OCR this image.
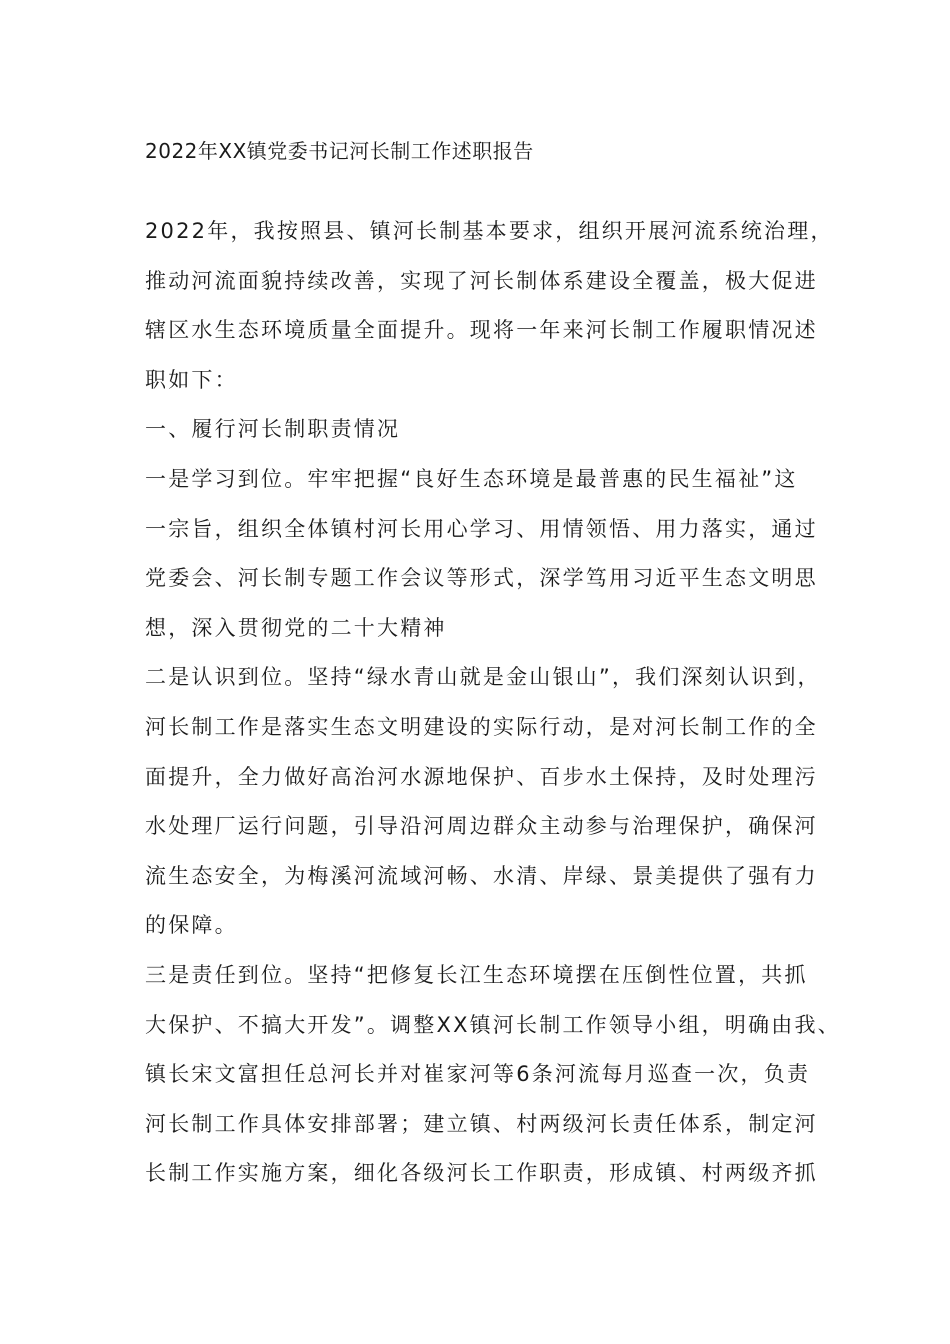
2022年XX镇党委书记河长制工作述职报告

2022年，我按照县、镇河长制基本要求，组织开展河流系统治理，
推动河流面貌持续改善，实现了河长制体系建设全覆盖，极大促进
辖区水生态环境质量全面提升。现将一年来河长制工作履职情况述
职如下：

一、履行河长制职责情况

一是学习到位。牢牢把握“良好生态环境是最普惠的民生福祉”这
一宗旨，组织全体镇村河长用心学习、用情领悟、用力落实，通过
党委会、河长制专题工作会议等形式，深学笃用习近平生态文明思
想，深入贯彻党的二十大精神

二是认识到位。坚持“绿水青山就是金山银山”，我们深刻认识到，
河长制工作是落实生态文明建设的实际行动，是对河长制工作的全
面提升，全力做好高治河水源地保护、百步水土保持，及时处理污
水处理厂运行问题，引导沿河周边群众主动参与治理保护，确保河
流生态安全，为梅溪河流域河畅、水清、岸绿、景美提供了强有力
的保障。

三是责任到位。坚持“把修复长江生态环境摆在压倒性位置，共抓
大保护、不搞大开发”。调整XX镇河长制工作领导小组，明确由我、
镇长宋文富担任总河长并对崔家河等6条河流每月巡查一次，负责
河长制工作具体安排部署；建立镇、村两级河长责任体系，制定河
长制工作实施方案，细化各级河长工作职责，形成镇、村两级齐抓
